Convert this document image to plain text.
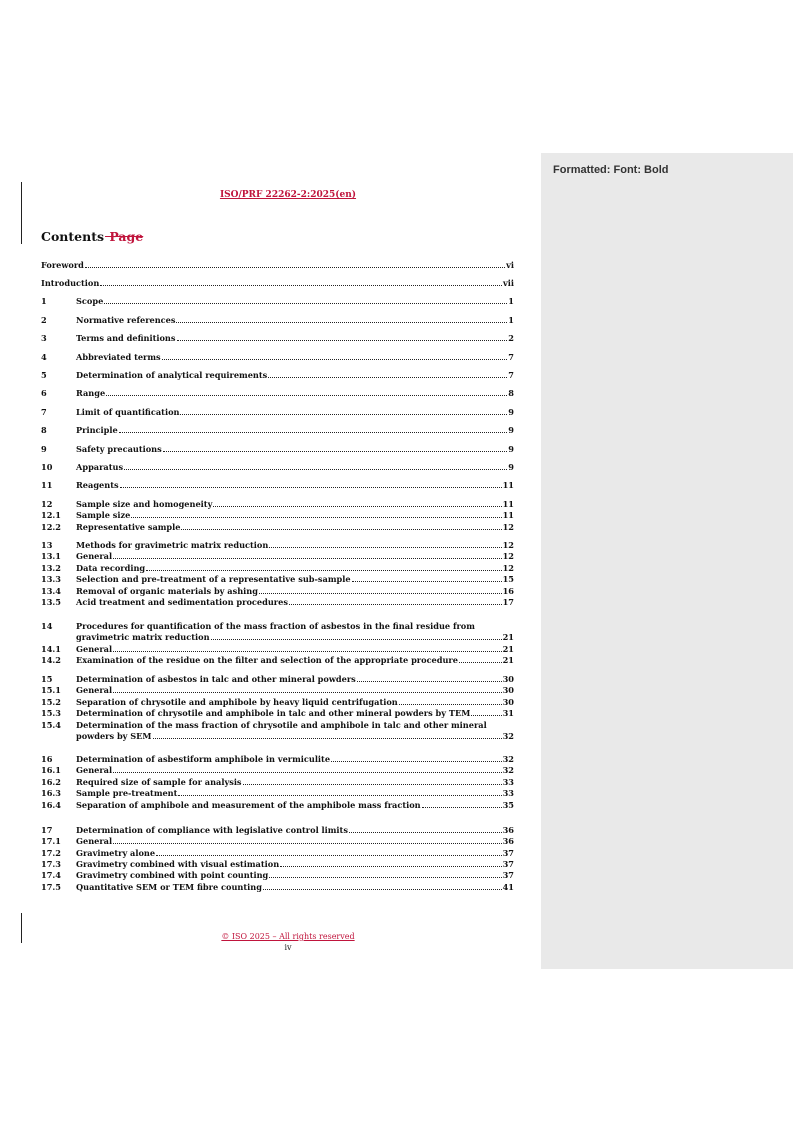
Formatted: Font: Bold
ISO/PRF 22262-2:2025(en)
Contents Page
Foreword	vi
Introduction	vii
1	Scope	1
2	Normative references	1
3	Terms and definitions	2
4	Abbreviated terms	7
5	Determination of analytical requirements	7
6	Range	8
7	Limit of quantification	9
8	Principle	9
9	Safety precautions	9
10	Apparatus	9
11	Reagents	11
12	Sample size and homogeneity	11
12.1 Sample size	11
12.2 Representative sample	12
13	Methods for gravimetric matrix reduction	12
13.1 General	12
13.2 Data recording	12
13.3 Selection and pre-treatment of a representative sub-sample	15
13.4 Removal of organic materials by ashing	16
13.5 Acid treatment and sedimentation procedures	17
14	Procedures for quantification of the mass fraction of asbestos in the final residue from
gravimetric matrix reduction	21
14.1 General	21
14.2 Examination of the residue on the filter and selection of the appropriate procedure	21
15	Determination of asbestos in talc and other mineral powders	30
15.1 General	30
15.2 Separation of chrysotile and amphibole by heavy liquid centrifugation	30
15.3 Determination of chrysotile and amphibole in talc and other mineral powders by TEM	31
15.4 Determination of the mass fraction of chrysotile and amphibole in talc and other mineral
powders by SEM	32
16	Determination of asbestiform amphibole in vermiculite	32
16.1 General	32
16.2 Required size of sample for analysis	33
16.3 Sample pre-treatment	33
16.4 Separation of amphibole and measurement of the amphibole mass fraction	35
17	Determination of compliance with legislative control limits	36
17.1 General	36
17.2 Gravimetry alone	37
17.3 Gravimetry combined with visual estimation	37
17.4 Gravimetry combined with point counting	37
17.5 Quantitative SEM or TEM fibre counting	41
© ISO 2025 – All rights reserved
iv
